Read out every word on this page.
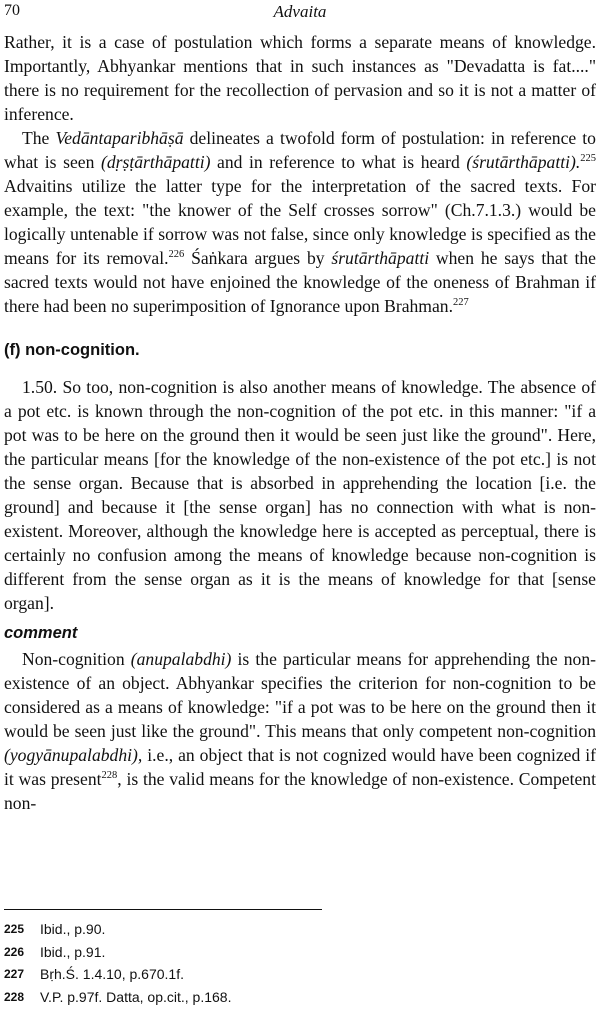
70	Advaita

Rather, it is a case of postulation which forms a separate means of knowledge. Importantly, Abhyankar mentions that in such instances as "Devadatta is fat...." there is no requirement for the recollection of pervasion and so it is not a matter of inference.

The Vedāntaparibhāṣā delineates a twofold form of postulation: in reference to what is seen (dṛṣṭārthāpatti) and in reference to what is heard (śrutārthāpatti).$^{225}$ Advaitins utilize the latter type for the interpretation of the sacred texts. For example, the text: "the knower of the Self crosses sorrow" (Ch.7.1.3.) would be logically untenable if sorrow was not false, since only knowledge is specified as the means for its removal.$^{226}$ Śaṅkara argues by śrutārthāpatti when he says that the sacred texts would not have enjoined the knowledge of the oneness of Brahman if there had been no superimposition of Ignorance upon Brahman.$^{227}$

(f) non-cognition.

1.50. So too, non-cognition is also another means of knowledge. The absence of a pot etc. is known through the non-cognition of the pot etc. in this manner: "if a pot was to be here on the ground then it would be seen just like the ground". Here, the particular means [for the knowledge of the non-existence of the pot etc.] is not the sense organ. Because that is absorbed in apprehending the location [i.e. the ground] and because it [the sense organ] has no connection with what is non-existent. Moreover, although the knowledge here is accepted as perceptual, there is certainly no confusion among the means of knowledge because non-cognition is different from the sense organ as it is the means of knowledge for that [sense organ].

comment

Non-cognition (anupalabdhi) is the particular means for apprehending the non-existence of an object. Abhyankar specifies the criterion for non-cognition to be considered as a means of knowledge: "if a pot was to be here on the ground then it would be seen just like the ground". This means that only competent non-cognition (yogyānupalabdhi), i.e., an object that is not cognized would have been cognized if it was present$^{228}$, is the valid means for the knowledge of non-existence. Competent non-

225	Ibid., p.90.
226	Ibid., p.91.
227	Bṛh.Ś. 1.4.10, p.670.1f.
228	V.P. p.97f. Datta, op.cit., p.168.
